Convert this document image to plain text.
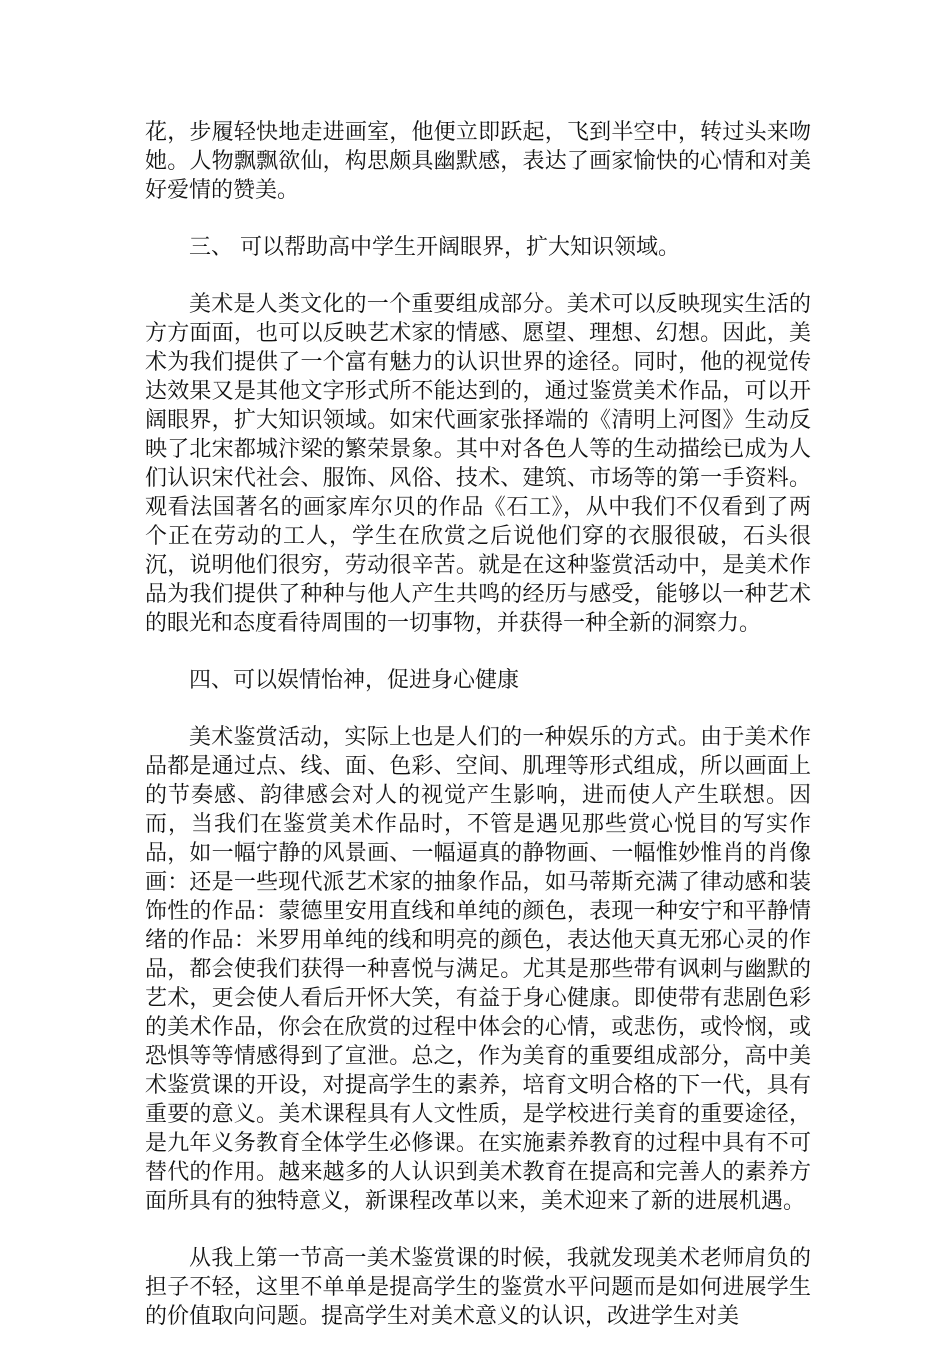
花，步履轻快地走进画室，他便立即跃起，飞到半空中，转过头来吻她。人物飘飘欲仙，构思颇具幽默感，表达了画家愉快的心情和对美好爱情的赞美。

三、 可以帮助高中学生开阔眼界，扩大知识领域。

美术是人类文化的一个重要组成部分。美术可以反映现实生活的方方面面，也可以反映艺术家的情感、愿望、理想、幻想。因此，美术为我们提供了一个富有魅力的认识世界的途径。同时，他的视觉传达效果又是其他文字形式所不能达到的，通过鉴赏美术作品，可以开阔眼界，扩大知识领域。如宋代画家张择端的《清明上河图》生动反映了北宋都城汴梁的繁荣景象。其中对各色人等的生动描绘已成为人们认识宋代社会、服饰、风俗、技术、建筑、市场等的第一手资料。观看法国著名的画家库尔贝的作品《石工》，从中我们不仅看到了两个正在劳动的工人，学生在欣赏之后说他们穿的衣服很破，石头很沉，说明他们很穷，劳动很辛苦。就是在这种鉴赏活动中，是美术作品为我们提供了种种与他人产生共鸣的经历与感受，能够以一种艺术的眼光和态度看待周围的一切事物，并获得一种全新的洞察力。

四、可以娱情怡神，促进身心健康

美术鉴赏活动，实际上也是人们的一种娱乐的方式。由于美术作品都是通过点、线、面、色彩、空间、肌理等形式组成，所以画面上的节奏感、韵律感会对人的视觉产生影响，进而使人产生联想。因而，当我们在鉴赏美术作品时，不管是遇见那些赏心悦目的写实作品，如一幅宁静的风景画、一幅逼真的静物画、一幅惟妙惟肖的肖像画：还是一些现代派艺术家的抽象作品，如马蒂斯充满了律动感和装饰性的作品：蒙德里安用直线和单纯的颜色，表现一种安宁和平静情绪的作品：米罗用单纯的线和明亮的颜色，表达他天真无邪心灵的作品，都会使我们获得一种喜悦与满足。尤其是那些带有讽刺与幽默的艺术，更会使人看后开怀大笑，有益于身心健康。即使带有悲剧色彩的美术作品，你会在欣赏的过程中体会的心情，或悲伤，或怜悯，或恐惧等等情感得到了宣泄。总之，作为美育的重要组成部分，高中美术鉴赏课的开设，对提高学生的素养，培育文明合格的下一代，具有重要的意义。美术课程具有人文性质，是学校进行美育的重要途径，是九年义务教育全体学生必修课。在实施素养教育的过程中具有不可替代的作用。越来越多的人认识到美术教育在提高和完善人的素养方面所具有的独特意义，新课程改革以来，美术迎来了新的进展机遇。

从我上第一节高一美术鉴赏课的时候，我就发现美术老师肩负的担子不轻，这里不单单是提高学生的鉴赏水平问题而是如何进展学生的价值取向问题。提高学生对美术意义的认识，改进学生对美
